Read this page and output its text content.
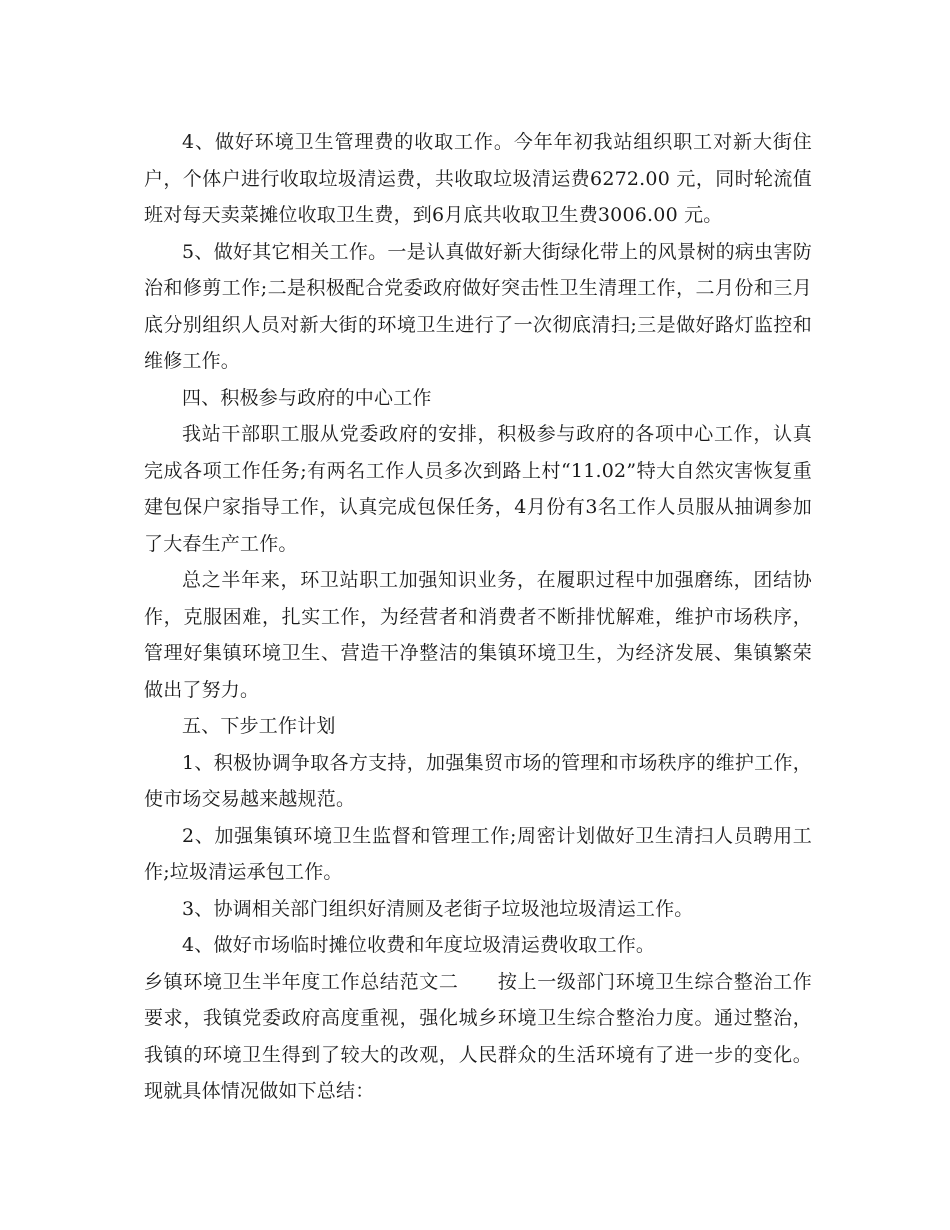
4、做好环境卫生管理费的收取工作。今年年初我站组织职工对新大街住户，个体户进行收取垃圾清运费，共收取垃圾清运费6272.00 元，同时轮流值班对每天卖菜摊位收取卫生费，到6月底共收取卫生费3006.00 元。

5、做好其它相关工作。一是认真做好新大街绿化带上的风景树的病虫害防治和修剪工作;二是积极配合党委政府做好突击性卫生清理工作，二月份和三月底分别组织人员对新大街的环境卫生进行了一次彻底清扫;三是做好路灯监控和维修工作。

四、积极参与政府的中心工作

我站干部职工服从党委政府的安排，积极参与政府的各项中心工作，认真完成各项工作任务;有两名工作人员多次到路上村“11.02”特大自然灾害恢复重建包保户家指导工作，认真完成包保任务，4月份有3名工作人员服从抽调参加了大春生产工作。

总之半年来，环卫站职工加强知识业务，在履职过程中加强磨练，团结协作，克服困难，扎实工作，为经营者和消费者不断排忧解难，维护市场秩序，管理好集镇环境卫生、营造干净整洁的集镇环境卫生，为经济发展、集镇繁荣做出了努力。

五、下步工作计划

1、积极协调争取各方支持，加强集贸市场的管理和市场秩序的维护工作，使市场交易越来越规范。

2、加强集镇环境卫生监督和管理工作;周密计划做好卫生清扫人员聘用工作;垃圾清运承包工作。

3、协调相关部门组织好清厕及老街子垃圾池垃圾清运工作。

4、做好市场临时摊位收费和年度垃圾清运费收取工作。

乡镇环境卫生半年度工作总结范文二　　按上一级部门环境卫生综合整治工作要求，我镇党委政府高度重视，强化城乡环境卫生综合整治力度。通过整治，我镇的环境卫生得到了较大的改观，人民群众的生活环境有了进一步的变化。现就具体情况做如下总结：
